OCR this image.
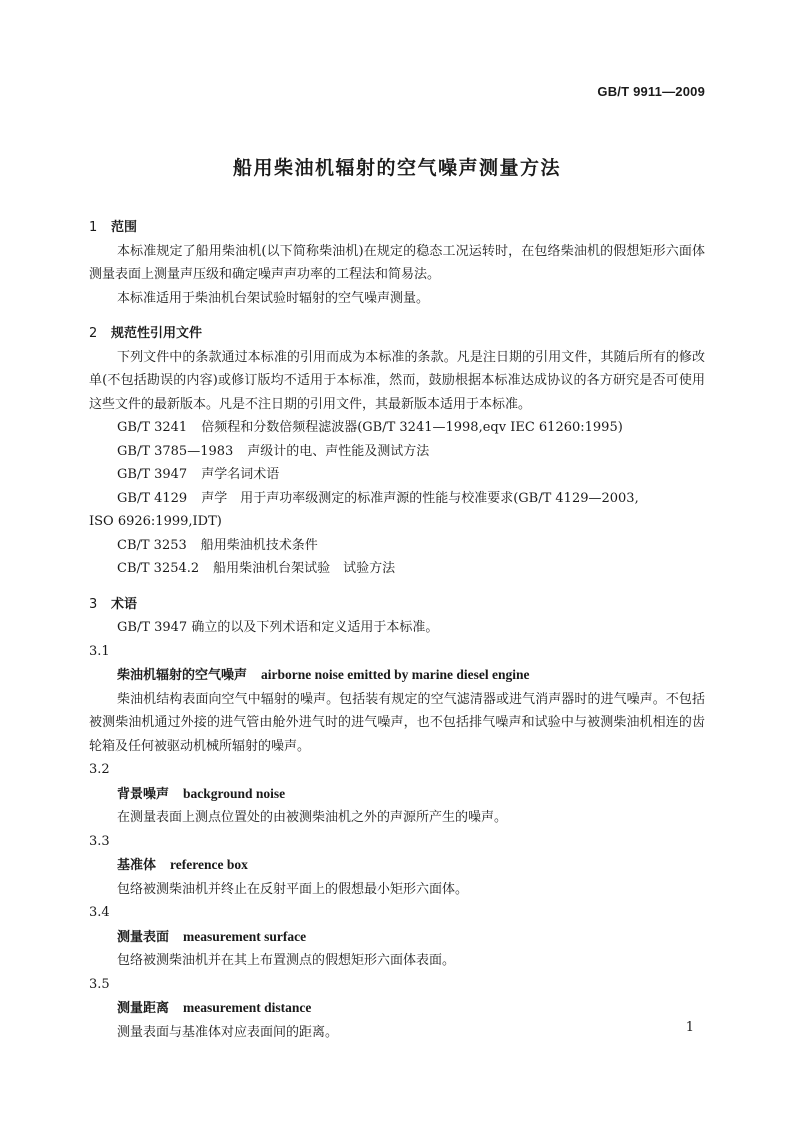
GB/T 9911—2009
船用柴油机辐射的空气噪声测量方法
1 范围

本标准规定了船用柴油机(以下简称柴油机)在规定的稳态工况运转时，在包络柴油机的假想矩形六面体测量表面上测量声压级和确定噪声声功率的工程法和简易法。

本标准适用于柴油机台架试验时辐射的空气噪声测量。

2 规范性引用文件

下列文件中的条款通过本标准的引用而成为本标准的条款。凡是注日期的引用文件，其随后所有的修改单(不包括勘误的内容)或修订版均不适用于本标准，然而，鼓励根据本标准达成协议的各方研究是否可使用这些文件的最新版本。凡是不注日期的引用文件，其最新版本适用于本标准。

GB/T 3241 倍频程和分数倍频程滤波器(GB/T 3241—1998,eqv IEC 61260:1995)
GB/T 3785—1983 声级计的电、声性能及测试方法
GB/T 3947 声学名词术语
GB/T 4129 声学　用于声功率级测定的标准声源的性能与校准要求(GB/T 4129—2003,
ISO 6926:1999,IDT)
CB/T 3253 船用柴油机技术条件
CB/T 3254.2 船用柴油机台架试验　试验方法
3 术语

GB/T 3947 确立的以及下列术语和定义适用于本标准。

3.1
柴油机辐射的空气噪声 airborne noise emitted by marine diesel engine

柴油机结构表面向空气中辐射的噪声。包括装有规定的空气滤清器或进气消声器时的进气噪声。不包括被测柴油机通过外接的进气管由舱外进气时的进气噪声，也不包括排气噪声和试验中与被测柴油机相连的齿轮箱及任何被驱动机械所辐射的噪声。

3.2
背景噪声 background noise

在测量表面上测点位置处的由被测柴油机之外的声源所产生的噪声。

3.3
基准体 reference box

包络被测柴油机并终止在反射平面上的假想最小矩形六面体。

3.4
测量表面 measurement surface

包络被测柴油机并在其上布置测点的假想矩形六面体表面。

3.5
测量距离 measurement distance

测量表面与基准体对应表面间的距离。	1
